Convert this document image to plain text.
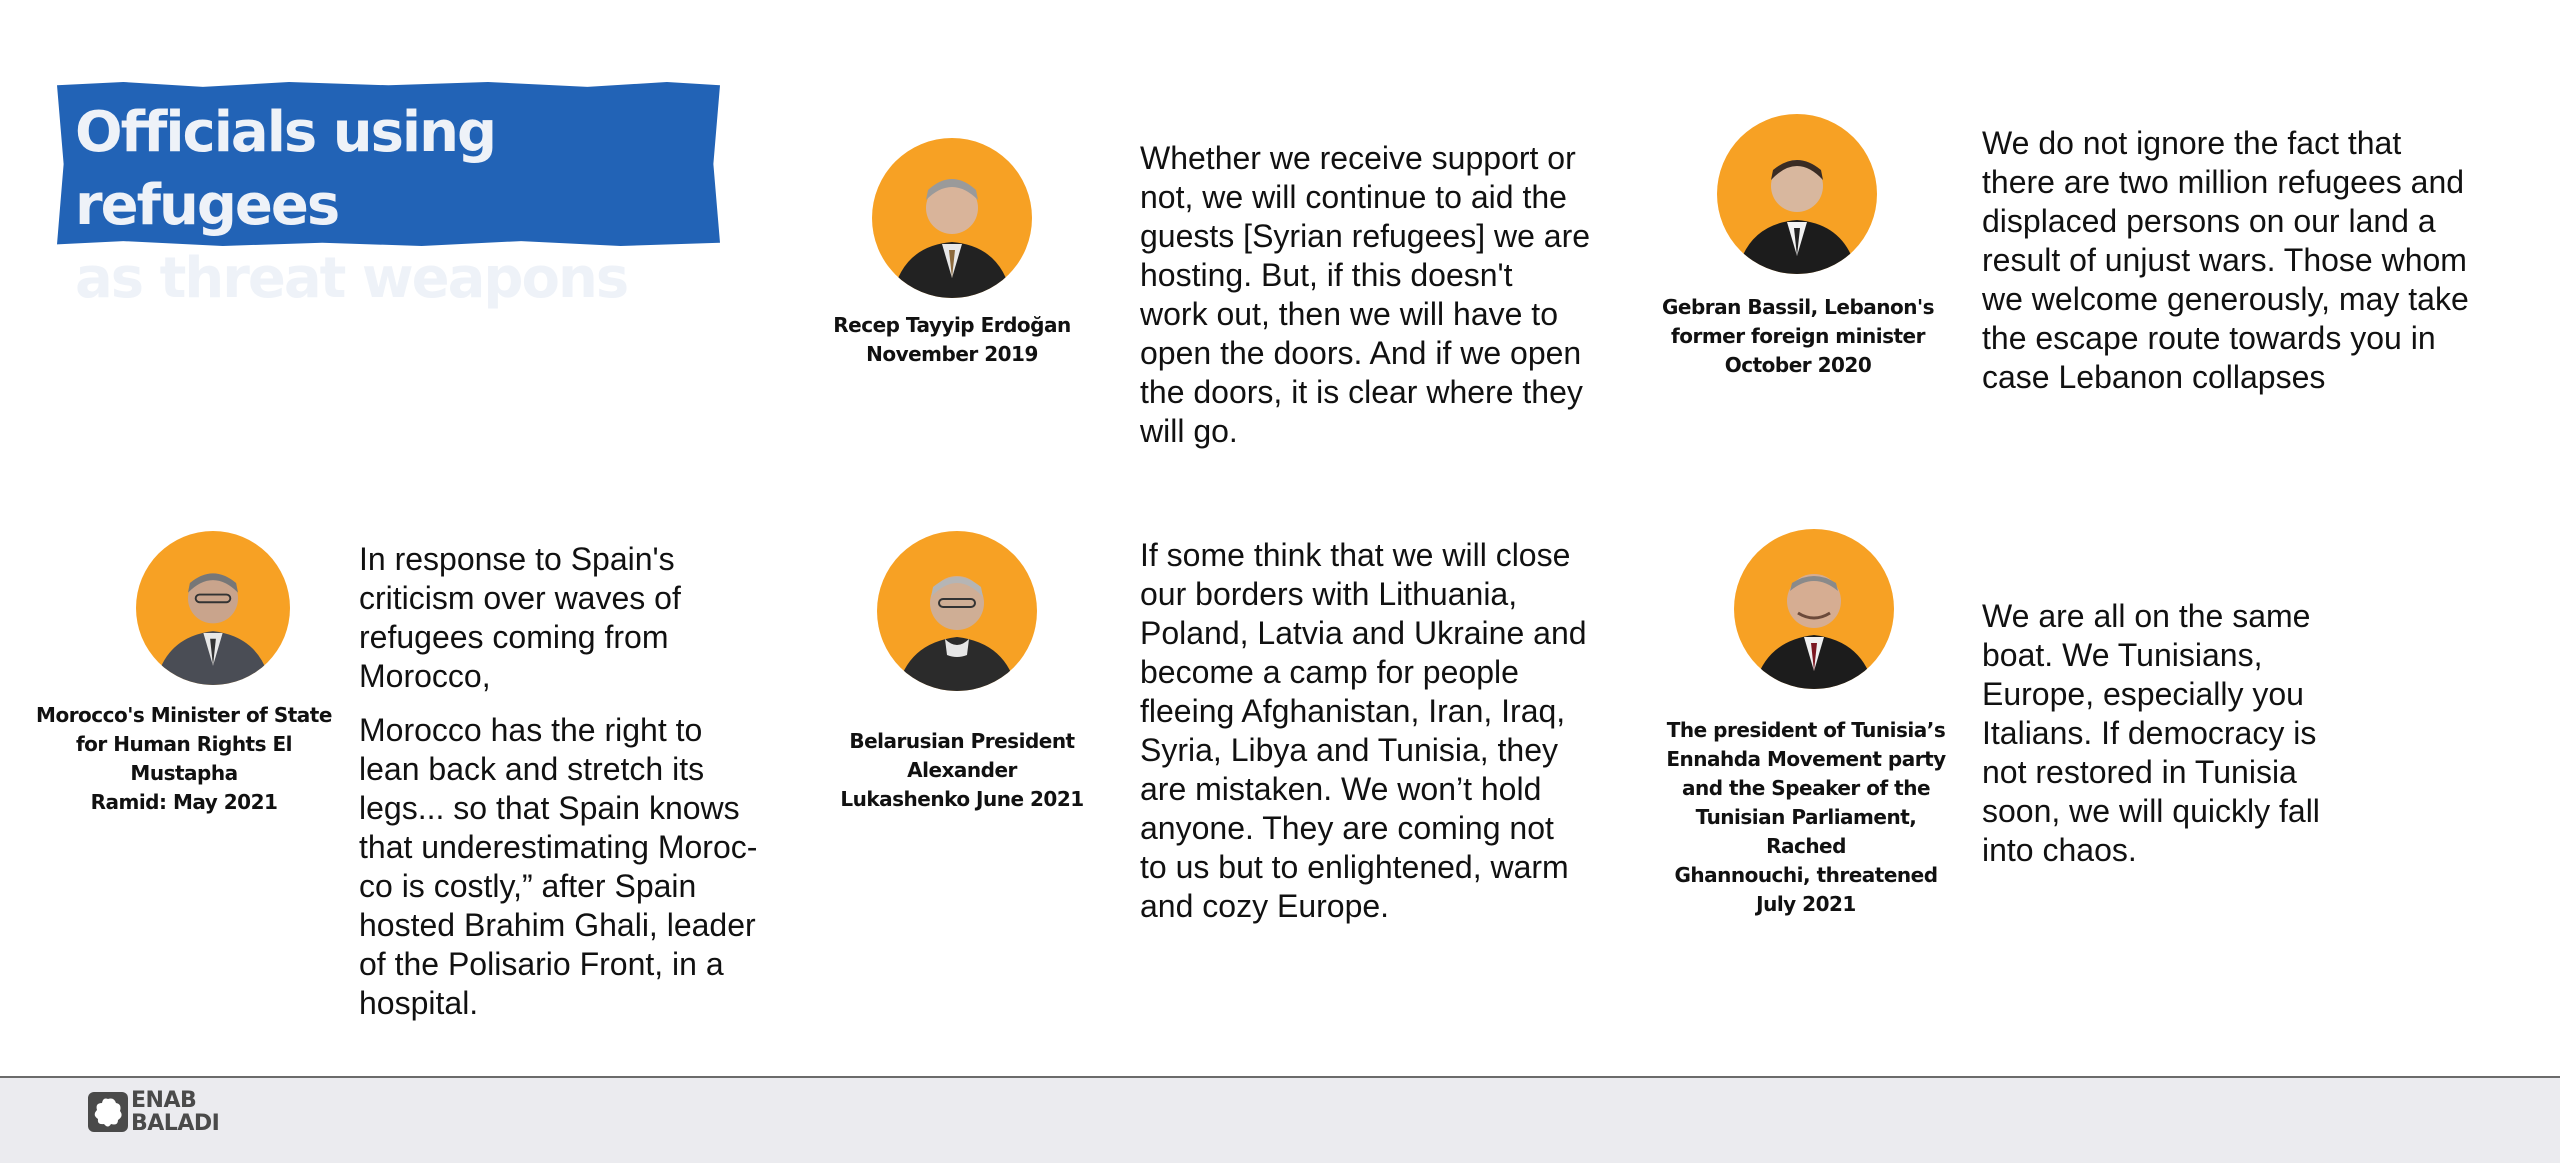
Officials using refugees
as threat weapons
Recep Tayyip Erdoğan
November 2019
Whether we receive support or
not, we will continue to aid the
guests [Syrian refugees] we are
hosting. But, if this doesn't
work out, then we will have to
open the doors. And if we open
the doors, it is clear where they
will go.
Gebran Bassil, Lebanon's
former foreign minister
October 2020
We do not ignore the fact that
there are two million refugees and
displaced persons on our land a
result of unjust wars. Those whom
we welcome generously, may take
the escape route towards you in
case Lebanon collapses
Morocco's Minister of State
for Human Rights El Mustapha
Ramid: May 2021
In response to Spain's
criticism over waves of
refugees coming from
Morocco,
Morocco has the right to
lean back and stretch its
legs... so that Spain knows
that underestimating Moroc-
co is costly,” after Spain
hosted Brahim Ghali, leader
of the Polisario Front, in a
hospital.
Belarusian President Alexander
Lukashenko June 2021
If some think that we will close
our borders with Lithuania,
Poland, Latvia and Ukraine and
become a camp for people
fleeing Afghanistan, Iran, Iraq,
Syria, Libya and Tunisia, they
are mistaken. We won’t hold
anyone. They are coming not
to us but to enlightened, warm
and cozy Europe.
The president of Tunisia’s
Ennahda Movement party
and the Speaker of the
Tunisian Parliament, Rached
Ghannouchi, threatened
July 2021
We are all on the same
boat. We Tunisians,
Europe, especially you
Italians. If democracy is
not restored in Tunisia
soon, we will quickly fall
into chaos.
ENAB
BALADI
